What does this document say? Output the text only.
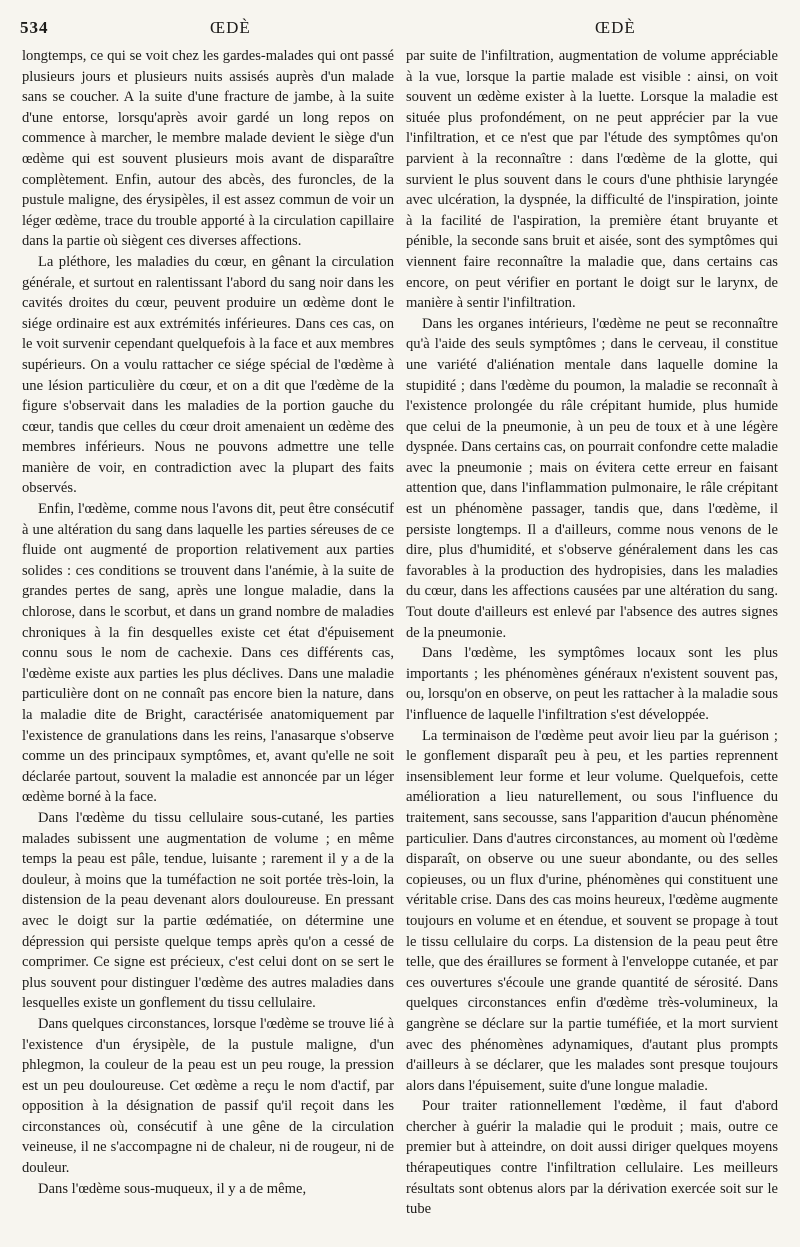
534	ŒDÈ	ŒDÈ

longtemps, ce qui se voit chez les gardes-malades qui ont passé plusieurs jours et plusieurs nuits assisés auprès d'un malade sans se coucher. A la suite d'une fracture de jambe, à la suite d'une entorse, lorsqu'après avoir gardé un long repos on commence à marcher, le membre malade devient le siège d'un œdème qui est souvent plusieurs mois avant de disparaître complètement. Enfin, autour des abcès, des furoncles, de la pustule maligne, des érysipèles, il est assez commun de voir un léger œdème, trace du trouble apporté à la circulation capillaire dans la partie où siègent ces diverses affections.

La pléthore, les maladies du cœur, en gênant la circulation générale, et surtout en ralentissant l'abord du sang noir dans les cavités droites du cœur, peuvent produire un œdème dont le siége ordinaire est aux extrémités inférieures. Dans ces cas, on le voit survenir cependant quelquefois à la face et aux membres supérieurs. On a voulu rattacher ce siége spécial de l'œdème à une lésion particulière du cœur, et on a dit que l'œdème de la figure s'observait dans les maladies de la portion gauche du cœur, tandis que celles du cœur droit amenaient un œdème des membres inférieurs. Nous ne pouvons admettre une telle manière de voir, en contradiction avec la plupart des faits observés.

Enfin, l'œdème, comme nous l'avons dit, peut être consécutif à une altération du sang dans laquelle les parties séreuses de ce fluide ont augmenté de proportion relativement aux parties solides : ces conditions se trouvent dans l'anémie, à la suite de grandes pertes de sang, après une longue maladie, dans la chlorose, dans le scorbut, et dans un grand nombre de maladies chroniques à la fin desquelles existe cet état d'épuisement connu sous le nom de cachexie. Dans ces différents cas, l'œdème existe aux parties les plus déclives. Dans une maladie particulière dont on ne connaît pas encore bien la nature, dans la maladie dite de Bright, caractérisée anatomiquement par l'existence de granulations dans les reins, l'anasarque s'observe comme un des principaux symptômes, et, avant qu'elle ne soit déclarée partout, souvent la maladie est annoncée par un léger œdème borné à la face.

Dans l'œdème du tissu cellulaire sous-cutané, les parties malades subissent une augmentation de volume ; en même temps la peau est pâle, tendue, luisante ; rarement il y a de la douleur, à moins que la tuméfaction ne soit portée très-loin, la distension de la peau devenant alors douloureuse. En pressant avec le doigt sur la partie œdématiée, on détermine une dépression qui persiste quelque temps après qu'on a cessé de comprimer. Ce signe est précieux, c'est celui dont on se sert le plus souvent pour distinguer l'œdème des autres maladies dans lesquelles existe un gonflement du tissu cellulaire.

Dans quelques circonstances, lorsque l'œdème se trouve lié à l'existence d'un érysipèle, de la pustule maligne, d'un phlegmon, la couleur de la peau est un peu rouge, la pression est un peu douloureuse. Cet œdème a reçu le nom d'actif, par opposition à la désignation de passif qu'il reçoit dans les circonstances où, consécutif à une gêne de la circulation veineuse, il ne s'accompagne ni de chaleur, ni de rougeur, ni de douleur.

Dans l'œdème sous-muqueux, il y a de même,

par suite de l'infiltration, augmentation de volume appréciable à la vue, lorsque la partie malade est visible : ainsi, on voit souvent un œdème exister à la luette. Lorsque la maladie est située plus profondément, on ne peut apprécier par la vue l'infiltration, et ce n'est que par l'étude des symptômes qu'on parvient à la reconnaître : dans l'œdème de la glotte, qui survient le plus souvent dans le cours d'une phthisie laryngée avec ulcération, la dyspnée, la difficulté de l'inspiration, jointe à la facilité de l'aspiration, la première étant bruyante et pénible, la seconde sans bruit et aisée, sont des symptômes qui viennent faire reconnaître la maladie que, dans certains cas encore, on peut vérifier en portant le doigt sur le larynx, de manière à sentir l'infiltration.

Dans les organes intérieurs, l'œdème ne peut se reconnaître qu'à l'aide des seuls symptômes ; dans le cerveau, il constitue une variété d'aliénation mentale dans laquelle domine la stupidité ; dans l'œdème du poumon, la maladie se reconnaît à l'existence prolongée du râle crépitant humide, plus humide que celui de la pneumonie, à un peu de toux et à une légère dyspnée. Dans certains cas, on pourrait confondre cette maladie avec la pneumonie ; mais on évitera cette erreur en faisant attention que, dans l'inflammation pulmonaire, le râle crépitant est un phénomène passager, tandis que, dans l'œdème, il persiste longtemps. Il a d'ailleurs, comme nous venons de le dire, plus d'humidité, et s'observe généralement dans les cas favorables à la production des hydropisies, dans les maladies du cœur, dans les affections causées par une altération du sang. Tout doute d'ailleurs est enlevé par l'absence des autres signes de la pneumonie.

Dans l'œdème, les symptômes locaux sont les plus importants ; les phénomènes généraux n'existent souvent pas, ou, lorsqu'on en observe, on peut les rattacher à la maladie sous l'influence de laquelle l'infiltration s'est développée.

La terminaison de l'œdème peut avoir lieu par la guérison ; le gonflement disparaît peu à peu, et les parties reprennent insensiblement leur forme et leur volume. Quelquefois, cette amélioration a lieu naturellement, ou sous l'influence du traitement, sans secousse, sans l'apparition d'aucun phénomène particulier. Dans d'autres circonstances, au moment où l'œdème disparaît, on observe ou une sueur abondante, ou des selles copieuses, ou un flux d'urine, phénomènes qui constituent une véritable crise. Dans des cas moins heureux, l'œdème augmente toujours en volume et en étendue, et souvent se propage à tout le tissu cellulaire du corps. La distension de la peau peut être telle, que des éraillures se forment à l'enveloppe cutanée, et par ces ouvertures s'écoule une grande quantité de sérosité. Dans quelques circonstances enfin d'œdème très-volumineux, la gangrène se déclare sur la partie tuméfiée, et la mort survient avec des phénomènes adynamiques, d'autant plus prompts d'ailleurs à se déclarer, que les malades sont presque toujours alors dans l'épuisement, suite d'une longue maladie.

Pour traiter rationnellement l'œdème, il faut d'abord chercher à guérir la maladie qui le produit ; mais, outre ce premier but à atteindre, on doit aussi diriger quelques moyens thérapeutiques contre l'infiltration cellulaire. Les meilleurs résultats sont obtenus alors par la dérivation exercée soit sur le tube
